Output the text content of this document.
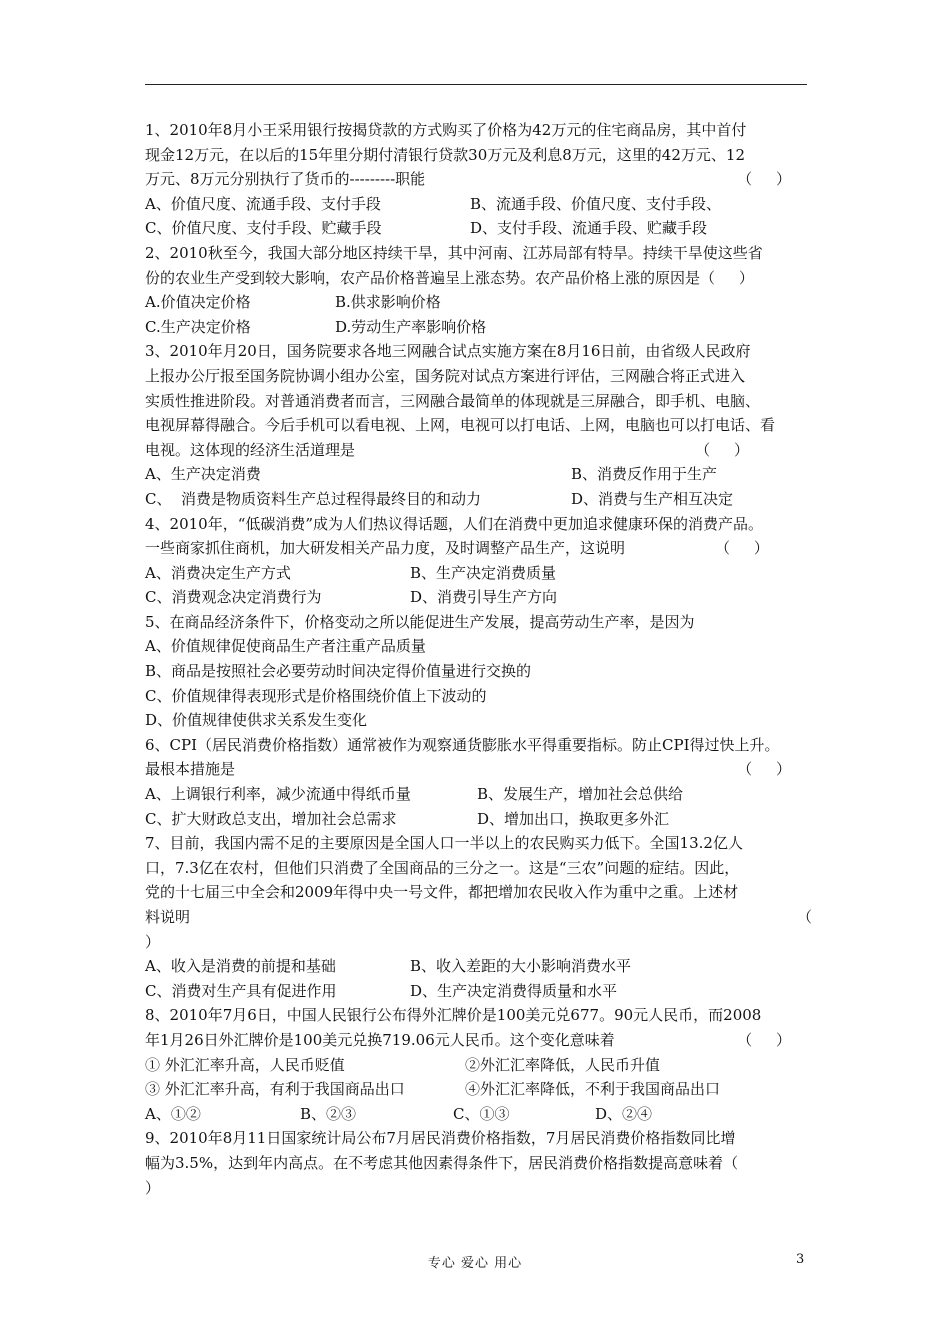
1、2010年8月小王采用银行按揭贷款的方式购买了价格为42万元的住宅商品房，其中首付
现金12万元，在以后的15年里分期付清银行贷款30万元及利息8万元，这里的42万元、12

万元、8万元分别执行了货币的---------职能

	（     ）

A、价值尺度、流通手段、支付手段

	B、流通手段、价值尺度、支付手段、

C、价值尺度、支付手段、贮藏手段

	D、支付手段、流通手段、贮藏手段

2、2010秋至今，我国大部分地区持续干旱，其中河南、江苏局部有特旱。持续干旱使这些省
份的农业生产受到较大影响，农产品价格普遍呈上涨态势。农产品价格上涨的原因是（     ）

A.价值决定价格

	B.供求影响价格

C.生产决定价格

	D.劳动生产率影响价格

3、2010年月20日，国务院要求各地三网融合试点实施方案在8月16日前，由省级人民政府
上报办公厅报至国务院协调小组办公室，国务院对试点方案进行评估，三网融合将正式进入
实质性推进阶段。对普通消费者而言，三网融合最简单的体现就是三屏融合，即手机、电脑、
电视屏幕得融合。今后手机可以看电视、上网，电视可以打电话、上网，电脑也可以打电话、看

电视。这体现的经济生活道理是

	（     ）

A、生产决定消费

	B、消费反作用于生产

C、  消费是物质资料生产总过程得最终目的和动力

	D、消费与生产相互决定

4、2010年，“低碳消费”成为人们热议得话题，人们在消费中更加追求健康环保的消费产品。

一些商家抓住商机，加大研发相关产品力度，及时调整产品生产，这说明

	（     ）

A、消费决定生产方式

	B、生产决定消费质量

C、消费观念决定消费行为

	D、消费引导生产方向

5、在商品经济条件下，价格变动之所以能促进生产发展，提高劳动生产率，是因为
A、价值规律促使商品生产者注重产品质量
B、商品是按照社会必要劳动时间决定得价值量进行交换的
C、价值规律得表现形式是价格围绕价值上下波动的
D、价值规律使供求关系发生变化
6、CPI（居民消费价格指数）通常被作为观察通货膨胀水平得重要指标。防止CPI得过快上升。

最根本措施是

	（     ）

A、上调银行利率，减少流通中得纸币量

	B、发展生产，增加社会总供给

C、扩大财政总支出，增加社会总需求

	D、增加出口，换取更多外汇

7、目前，我国内需不足的主要原因是全国人口一半以上的农民购买力低下。全国13.2亿人
口，7.3亿在农村，但他们只消费了全国商品的三分之一。这是“三农”问题的症结。因此，
党的十七届三中全会和2009年得中央一号文件，都把增加农民收入作为重中之重。上述材

料说明

	（

）

A、收入是消费的前提和基础

	B、收入差距的大小影响消费水平

C、消费对生产具有促进作用

	D、生产决定消费得质量和水平

8、2010年7月6日，中国人民银行公布得外汇牌价是100美元兑677。90元人民币，而2008

年1月26日外汇牌价是100美元兑换719.06元人民币。这个变化意味着

	（     ）

① 外汇汇率升高，人民币贬值

	②外汇汇率降低，人民币升值

③ 外汇汇率升高，有利于我国商品出口

	④外汇汇率降低，不利于我国商品出口

A、①②

	B、②③

	C、①③

	D、②④

9、2010年8月11日国家统计局公布7月居民消费价格指数，7月居民消费价格指数同比增
幅为3.5%，达到年内高点。在不考虑其他因素得条件下，居民消费价格指数提高意味着（
）
专心 爱心 用心	3
